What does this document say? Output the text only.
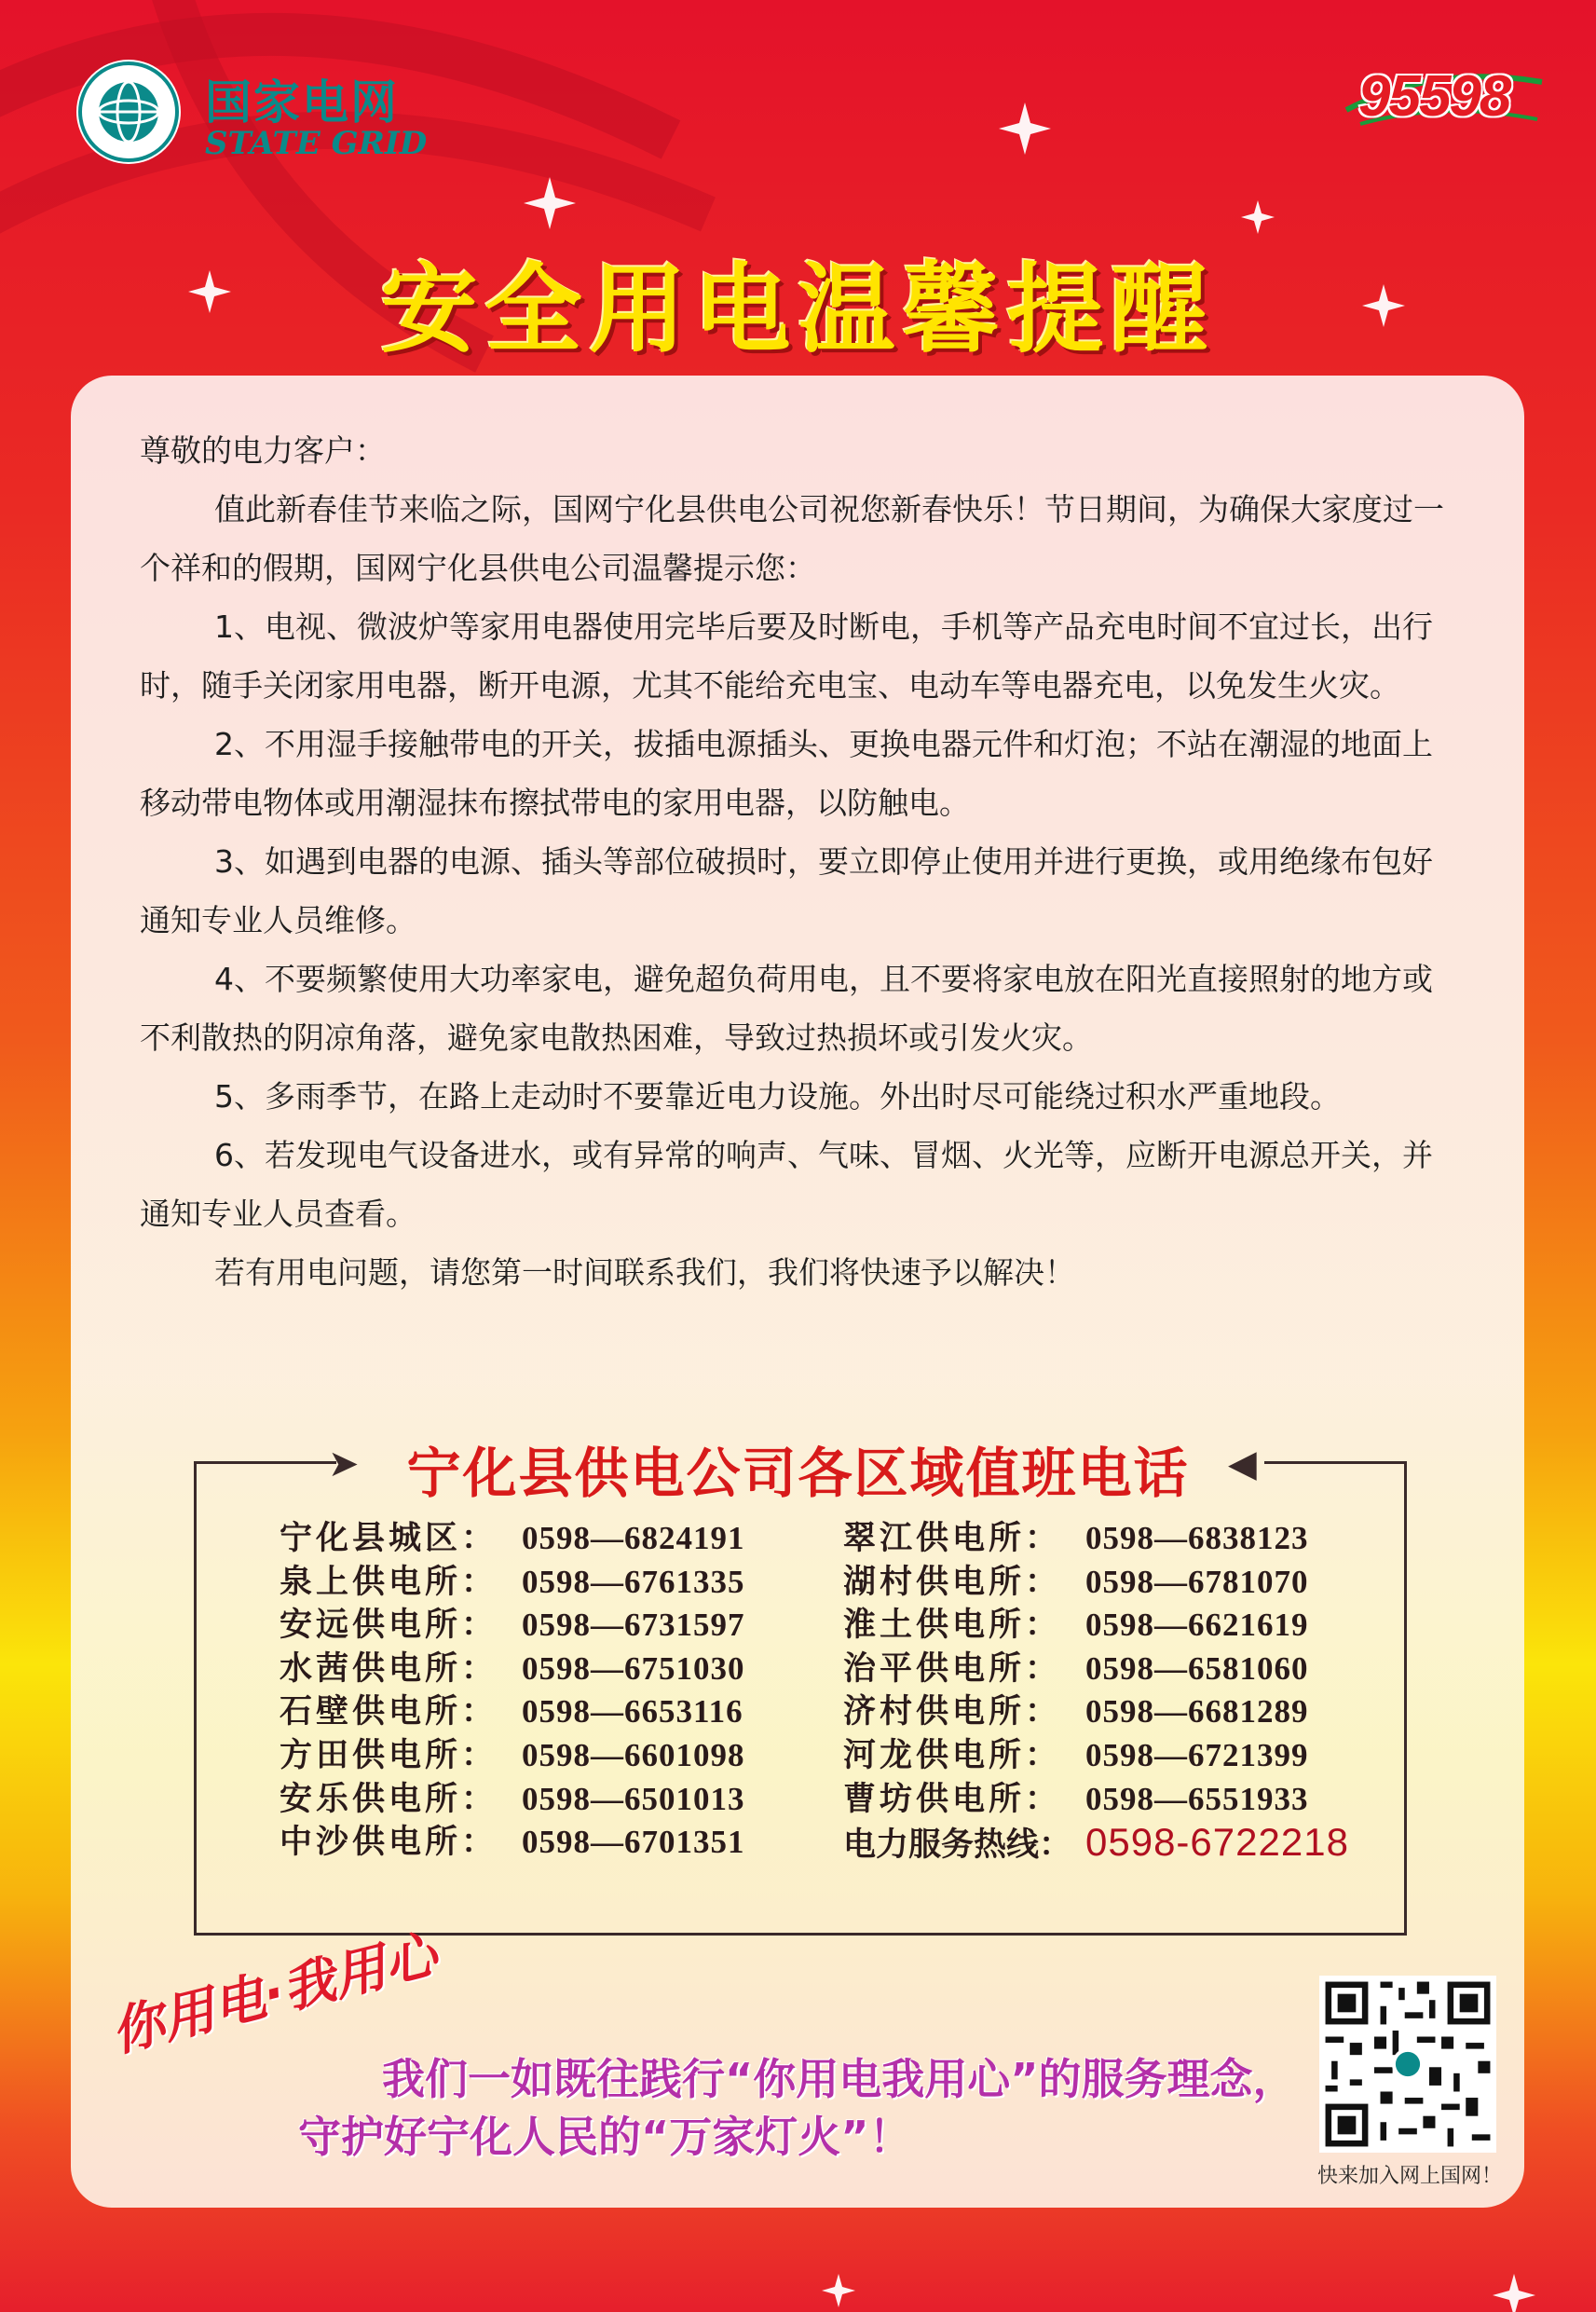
国家电网
STATE GRID
95598
安全用电温馨提醒

尊敬的电力客户：

值此新春佳节来临之际，国网宁化县供电公司祝您新春快乐！节日期间，为确保大家度过一个祥和的假期，国网宁化县供电公司温馨提示您：

1、电视、微波炉等家用电器使用完毕后要及时断电，手机等产品充电时间不宜过长，出行时，随手关闭家用电器，断开电源，尤其不能给充电宝、电动车等电器充电，以免发生火灾。

2、不用湿手接触带电的开关，拔插电源插头、更换电器元件和灯泡；不站在潮湿的地面上移动带电物体或用潮湿抹布擦拭带电的家用电器，以防触电。

3、如遇到电器的电源、插头等部位破损时，要立即停止使用并进行更换，或用绝缘布包好通知专业人员维修。

4、不要频繁使用大功率家电，避免超负荷用电，且不要将家电放在阳光直接照射的地方或不利散热的阴凉角落，避免家电散热困难，导致过热损坏或引发火灾。

5、多雨季节，在路上走动时不要靠近电力设施。外出时尽可能绕过积水严重地段。

6、若发现电气设备进水，或有异常的响声、气味、冒烟、火光等，应断开电源总开关，并通知专业人员查看。

若有用电问题，请您第一时间联系我们，我们将快速予以解决！

➤	◀
宁化县供电公司各区域值班电话
宁化县城区： 0598—6824191
泉上供电所： 0598—6761335
安远供电所： 0598—6731597
水茜供电所： 0598—6751030
石壁供电所： 0598—6653116
方田供电所： 0598—6601098
安乐供电所： 0598—6501013
中沙供电所： 0598—6701351
翠江供电所： 0598—6838123
湖村供电所： 0598—6781070
淮土供电所： 0598—6621619
治平供电所： 0598—6581060
济村供电所： 0598—6681289
河龙供电所： 0598—6721399
曹坊供电所： 0598—6551933
电力服务热线： 0598-6722218
你用电·我用心
我们一如既往践行“你用电我用心”的服务理念，
守护好宁化人民的“万家灯火”！
快来加入网上国网！
